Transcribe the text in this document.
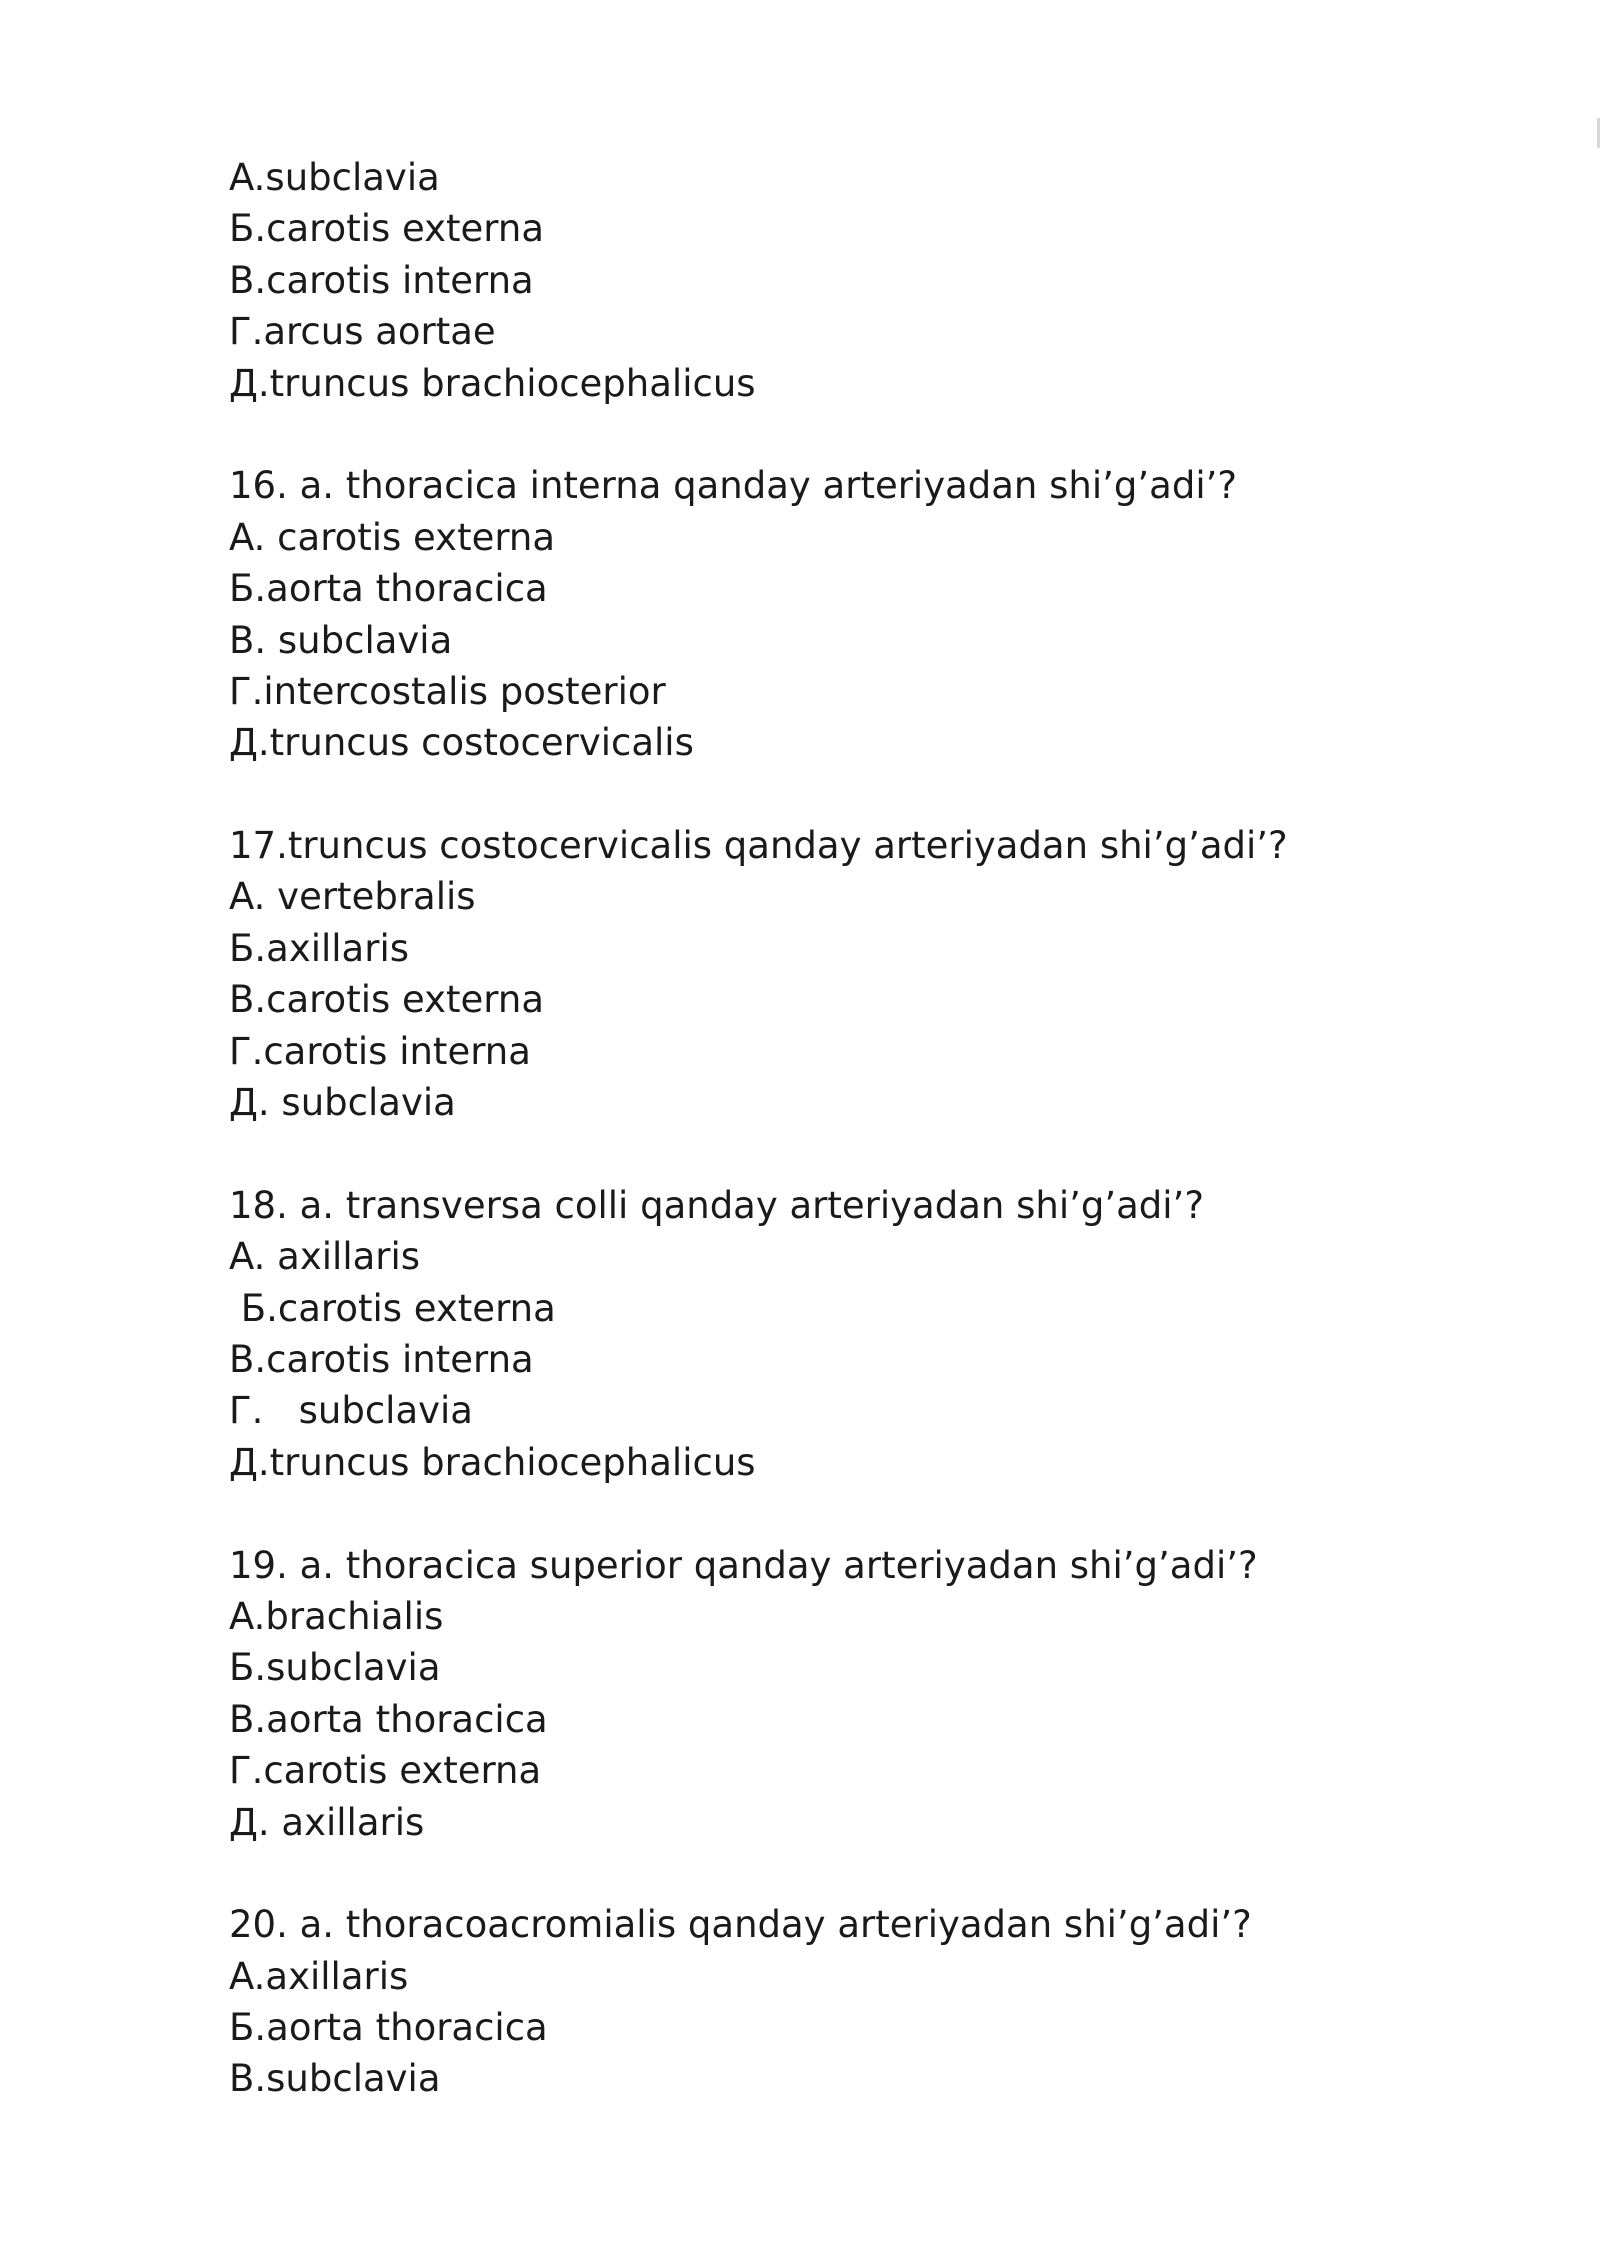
A.subclavia
Б.carotis externa
B.carotis interna
Г.arcus aortae
Д.truncus brachiocephalicus
16. a. thoracica interna qanday arteriyadan shi’g’adi’?
A. carotis externa
Б.aorta thoracica
B. subclavia
Г.intercostalis posterior
Д.truncus costocervicalis
17.truncus costocervicalis qanday arteriyadan shi’g’adi’?
A. vertebralis
Б.axillaris
B.carotis externa
Г.carotis interna
Д. subclavia
18. a. transversa colli qanday arteriyadan shi’g’adi’?
A. axillaris
Б.carotis externa
B.carotis interna
Г.   subclavia
Д.truncus brachiocephalicus
19. a. thoracica superior qanday arteriyadan shi’g’adi’?
A.brachialis
Б.subclavia
B.aorta thoracica
Г.carotis externa
Д. axillaris
20. a. thoracoacromialis qanday arteriyadan shi’g’adi’?
A.axillaris
Б.aorta thoracica
B.subclavia
